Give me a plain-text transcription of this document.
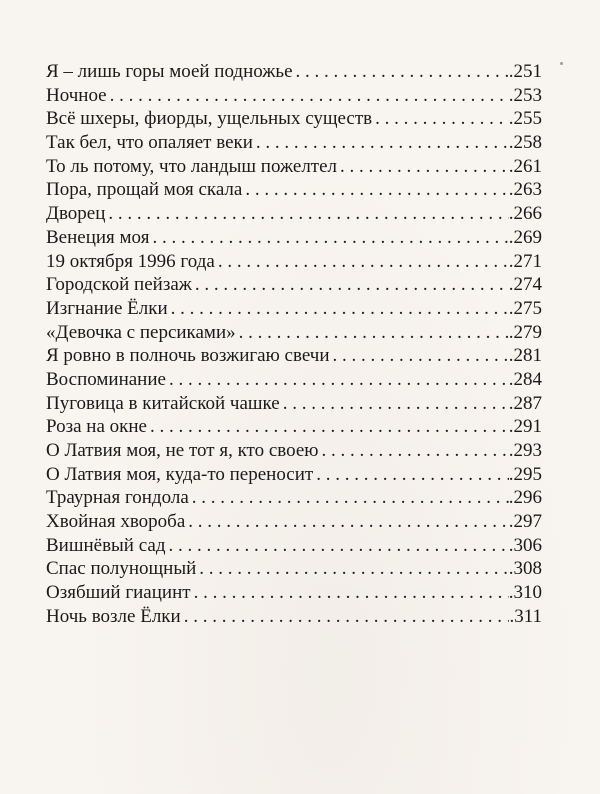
Я – лишь горы моей подножье . . .	.251
Ночное . . .	.253
Всё шхеры, фиорды, ущельных существ . . .	.255
Так бел, что опаляет веки . . .	.258
То ль потому, что ландыш пожелтел . . .	.261
Пора, прощай моя скала . . .	.263
Дворец . . .	.266
Венеция моя . . .	.269
19 октября 1996 года . . .	.271
Городской пейзаж . . .	.274
Изгнание Ёлки . . .	.275
«Девочка с персиками» . . .	.279
Я ровно в полночь возжигаю свечи . . .	.281
Воспоминание . . .	.284
Пуговица в китайской чашке . . .	.287
Роза на окне . . .	.291
О Латвия моя, не тот я, кто своею . . .	.293
О Латвия моя, куда-то переносит . . .	.295
Траурная гондола . . .	.296
Хвойная хвороба . . .	.297
Вишнёвый сад . . .	.306
Спас полунощный . . .	.308
Озябший гиацинт . . .	.310
Ночь возле Ёлки . . .	.311
